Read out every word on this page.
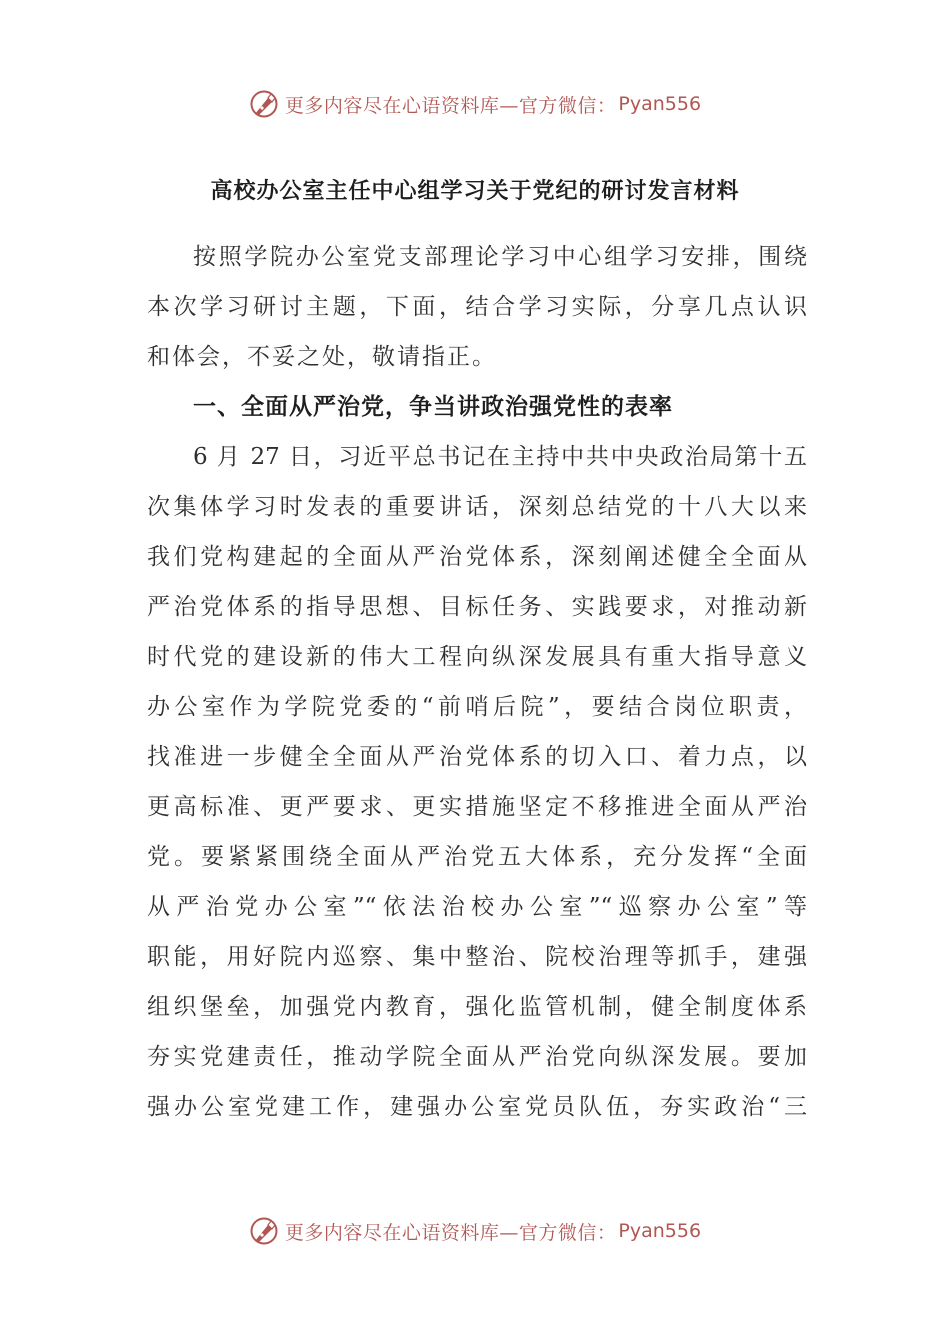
更多内容尽在心语资料库—官方微信： Pyan556
高校办公室主任中心组学习关于党纪的研讨发言材料
按照学院办公室党支部理论学习中心组学习安排，围绕
本次学习研讨主题，下面，结合学习实际，分享几点认识
和体会，不妥之处，敬请指正。
一、全面从严治党，争当讲政治强党性的表率
6 月 27 日，习近平总书记在主持中共中央政治局第十五
次集体学习时发表的重要讲话，深刻总结党的十八大以来
我们党构建起的全面从严治党体系，深刻阐述健全全面从
严治党体系的指导思想、目标任务、实践要求，对推动新
时代党的建设新的伟大工程向纵深发展具有重大指导意义
办公室作为学院党委的“前哨后院”，要结合岗位职责，
找准进一步健全全面从严治党体系的切入口、着力点，以
更高标准、更严要求、更实措施坚定不移推进全面从严治
党。要紧紧围绕全面从严治党五大体系，充分发挥“全面
从严治党办公室”“依法治校办公室”“巡察办公室”等
职能，用好院内巡察、集中整治、院校治理等抓手，建强
组织堡垒，加强党内教育，强化监管机制，健全制度体系
夯实党建责任，推动学院全面从严治党向纵深发展。要加
强办公室党建工作，建强办公室党员队伍，夯实政治“三
更多内容尽在心语资料库—官方微信： Pyan556
